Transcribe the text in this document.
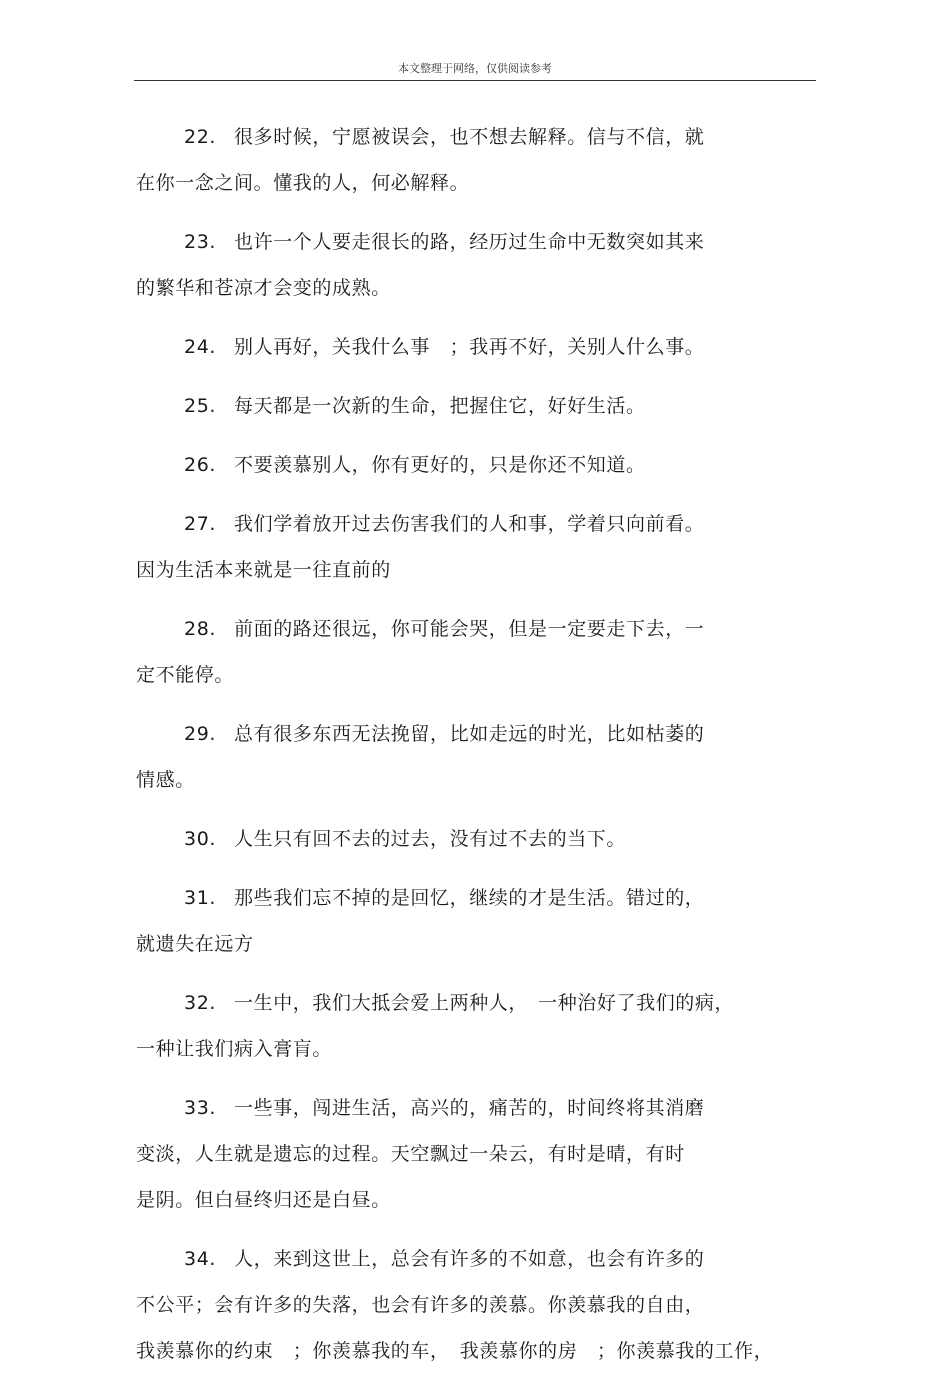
本文整理于网络，仅供阅读参考
22. 很多时候，宁愿被误会，也不想去解释。信与不信，就
在你一念之间。懂我的人，何必解释。
23. 也许一个人要走很长的路，经历过生命中无数突如其来
的繁华和苍凉才会变的成熟。
24. 别人再好，关我什么事　；我再不好，关别人什么事。
25. 每天都是一次新的生命，把握住它，好好生活。
26. 不要羡慕别人，你有更好的，只是你还不知道。
27. 我们学着放开过去伤害我们的人和事，学着只向前看。
因为生活本来就是一往直前的
28. 前面的路还很远，你可能会哭，但是一定要走下去，一
定不能停。
29. 总有很多东西无法挽留，比如走远的时光，比如枯萎的
情感。
30. 人生只有回不去的过去，没有过不去的当下。
31. 那些我们忘不掉的是回忆，继续的才是生活。错过的，
就遗失在远方
32. 一生中，我们大抵会爱上两种人，　一种治好了我们的病，
一种让我们病入膏肓。
33. 一些事，闯进生活，高兴的，痛苦的，时间终将其消磨
变淡，人生就是遗忘的过程。天空飘过一朵云，有时是晴，有时
是阴。但白昼终归还是白昼。
34. 人，来到这世上，总会有许多的不如意，也会有许多的
不公平；会有许多的失落，也会有许多的羡慕。你羡慕我的自由，
我羡慕你的约束　；你羡慕我的车，　我羡慕你的房　；你羡慕我的工作，
